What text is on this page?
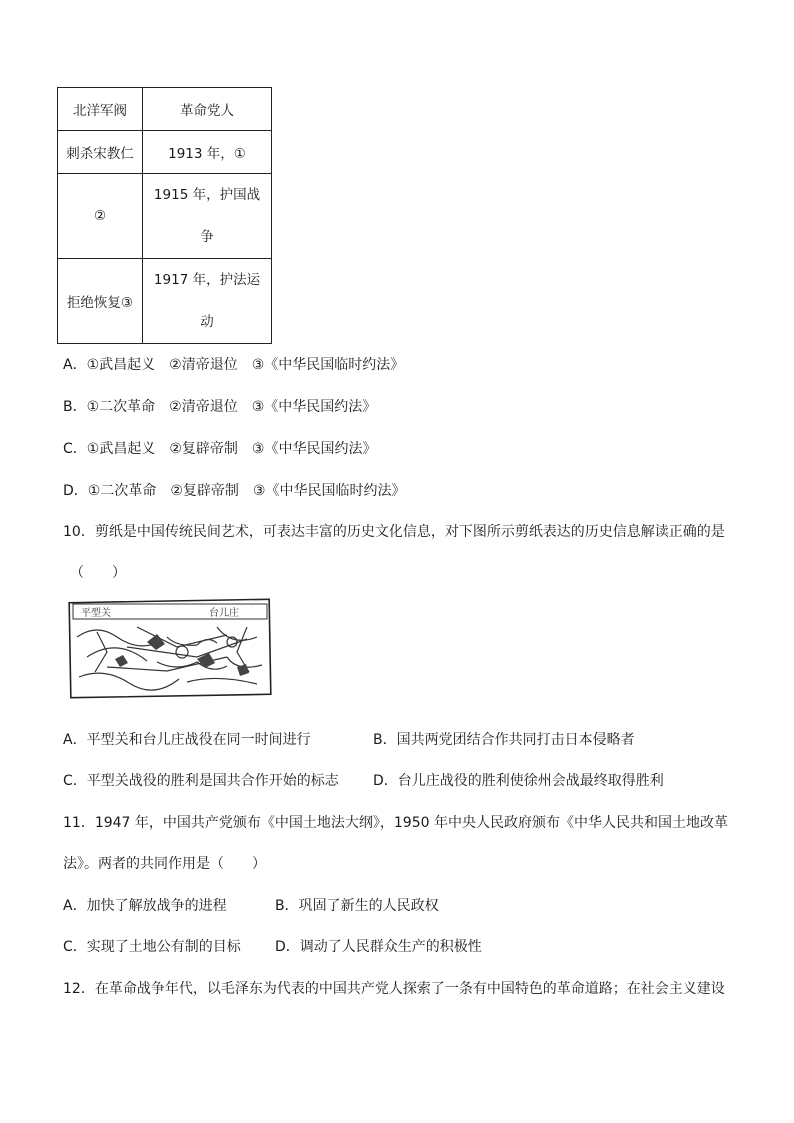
北洋军阀	革命党人
刺杀宋教仁	1913 年，①
②	1915 年，护国战
争

拒绝恢复③	1917 年，护法运
动
A．①武昌起义 ②清帝退位 ③《中华民国临时约法》
B．①二次革命 ②清帝退位 ③《中华民国约法》
C．①武昌起义 ②复辟帝制 ③《中华民国约法》
D．①二次革命 ②复辟帝制 ③《中华民国临时约法》
10．剪纸是中国传统民间艺术，可表达丰富的历史文化信息，对下图所示剪纸表达的历史信息解读正确的是
（　　）
平型关	台儿庄
A．平型关和台儿庄战役在同一时间进行	B．国共两党团结合作共同打击日本侵略者
C．平型关战役的胜利是国共合作开始的标志 D．台儿庄战役的胜利使徐州会战最终取得胜利
11．1947 年，中国共产党颁布《中国土地法大纲》，1950 年中央人民政府颁布《中华人民共和国土地改革
法》。两者的共同作用是（　　）
A．加快了解放战争的进程	B．巩固了新生的人民政权
C．实现了土地公有制的目标 D．调动了人民群众生产的积极性
12．在革命战争年代，以毛泽东为代表的中国共产党人探索了一条有中国特色的革命道路；在社会主义建设
